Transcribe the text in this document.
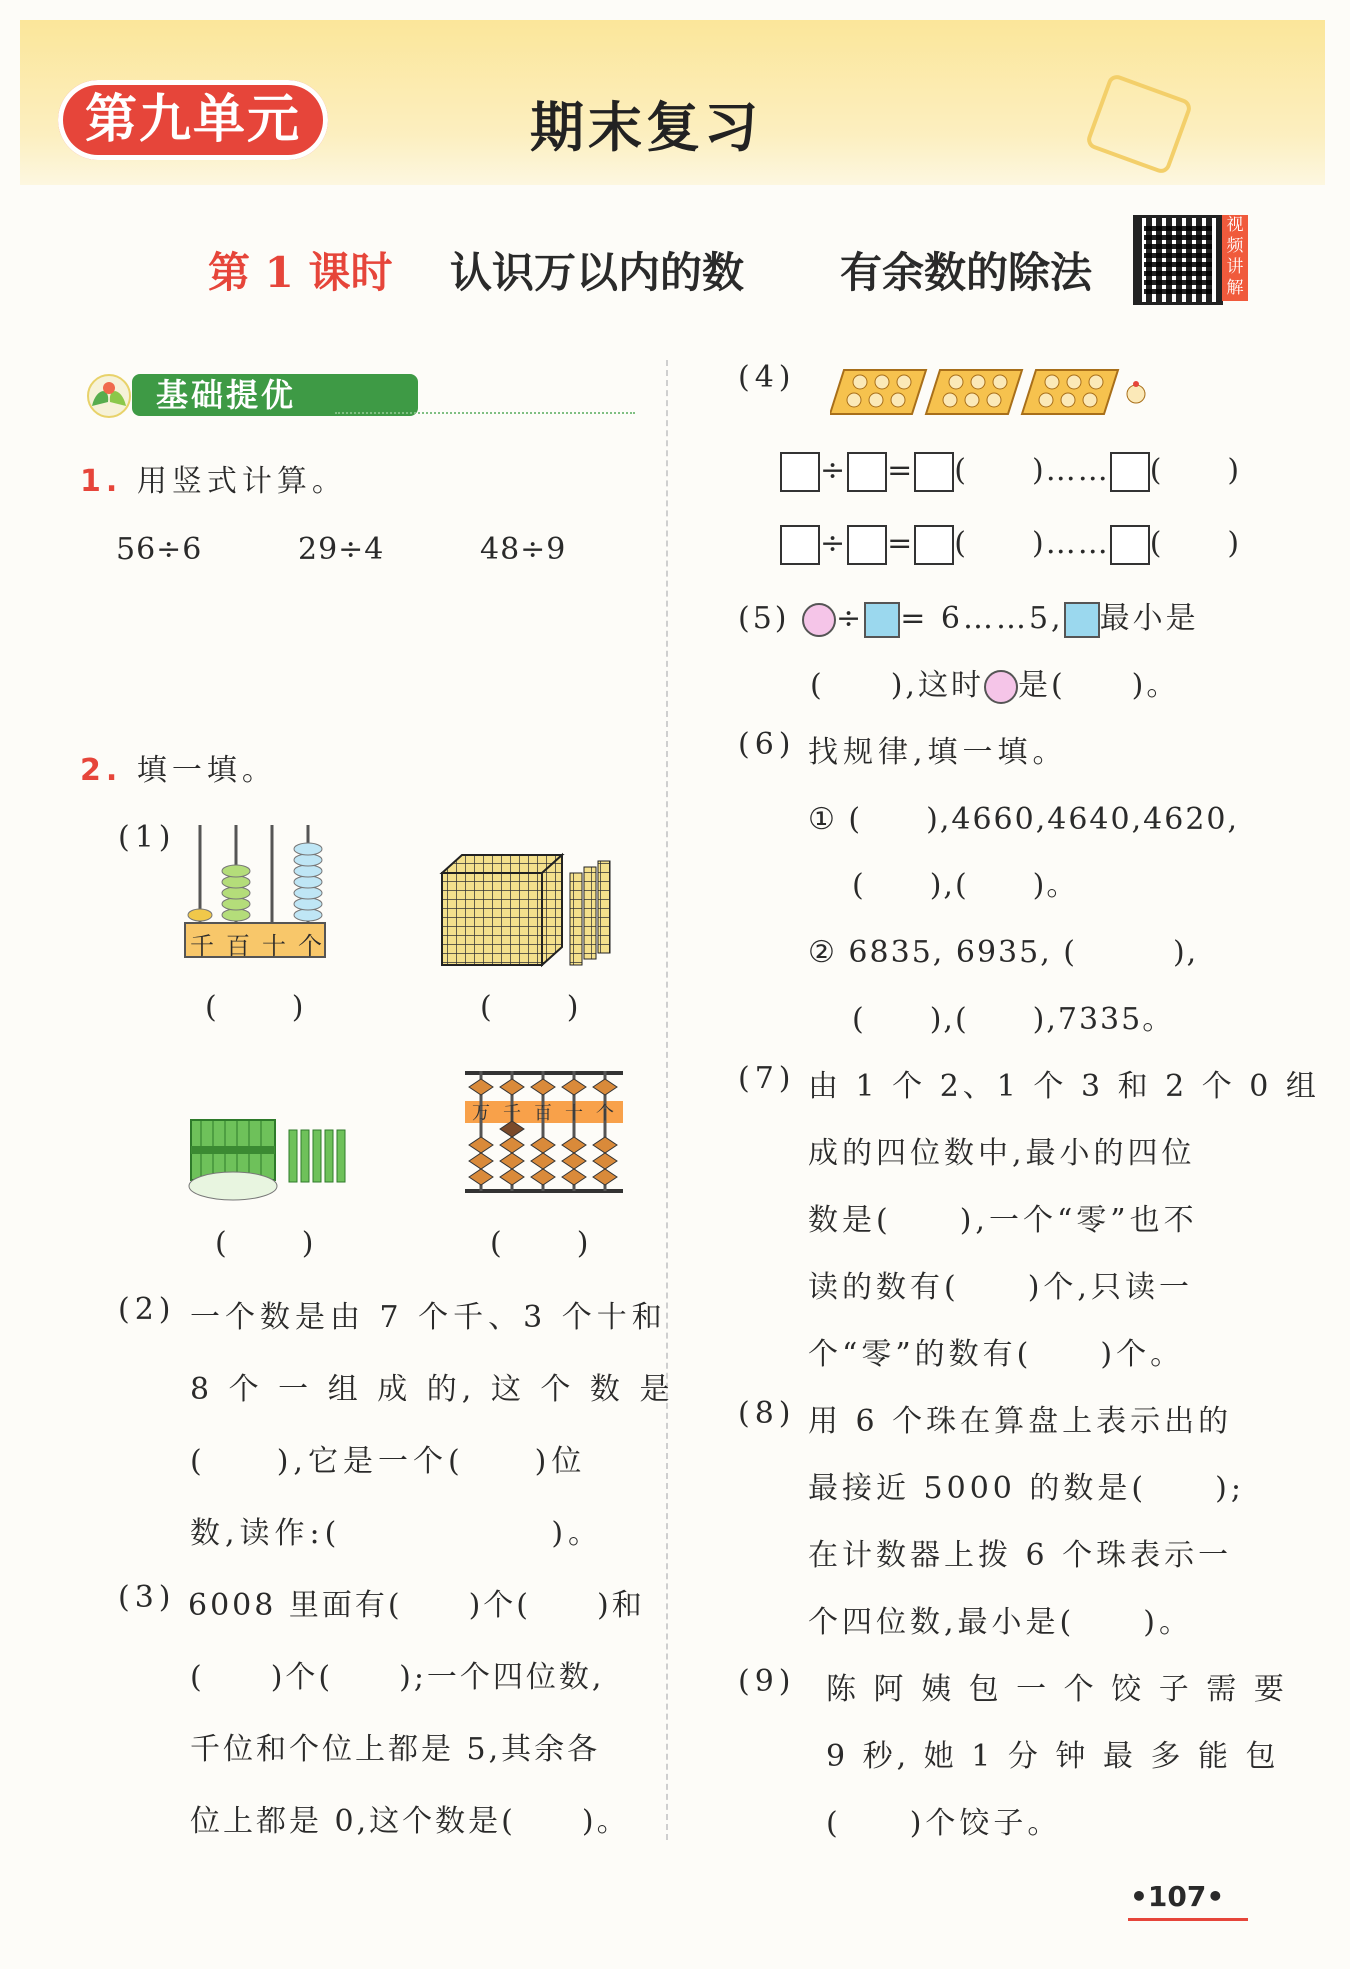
第九单元	期末复习
第 1 课时 认识万以内的数 有余数的除法
视频讲解
基础提优
1. 用竖式计算。
56÷6	29÷4	48÷9
2. 填一填。
(1)
千 百 十 个
(　　)	(　　)
(　　)
万 千 百 十 个
(　　)
(2) 一个数是由 7 个千、3 个十和
8 个 一 组 成 的, 这 个 数 是
(　　),它是一个(　　)位
数,读作:(　　　　　　)。
(3) 6008 里面有(　　)个(　　)和
(　　)个(　　);一个四位数,
千位和个位上都是 5,其余各
位上都是 0,这个数是(　　)。
(4)
÷ = (　　)…… (　　)
÷ = (　　)…… (　　)
(5) ÷ = 6……5, 最小是
(　　),这时 是(　　)。
(6) 找规律,填一填。
① (　　),4660,4640,4620,
(　　),(　　)。
② 6835, 6935, (　　　),
(　　),(　　),7335。
(7) 由 1 个 2、1 个 3 和 2 个 0 组
成的四位数中,最小的四位
数是(　　),一个“零”也不
读的数有(　　)个,只读一
个“零”的数有(　　)个。
(8) 用 6 个珠在算盘上表示出的
最接近 5000 的数是(　　);
在计数器上拨 6 个珠表示一
个四位数,最小是(　　)。
(9) 陈 阿 姨 包 一 个 饺 子 需 要
9 秒, 她 1 分 钟 最 多 能 包
(　　)个饺子。
•107•
